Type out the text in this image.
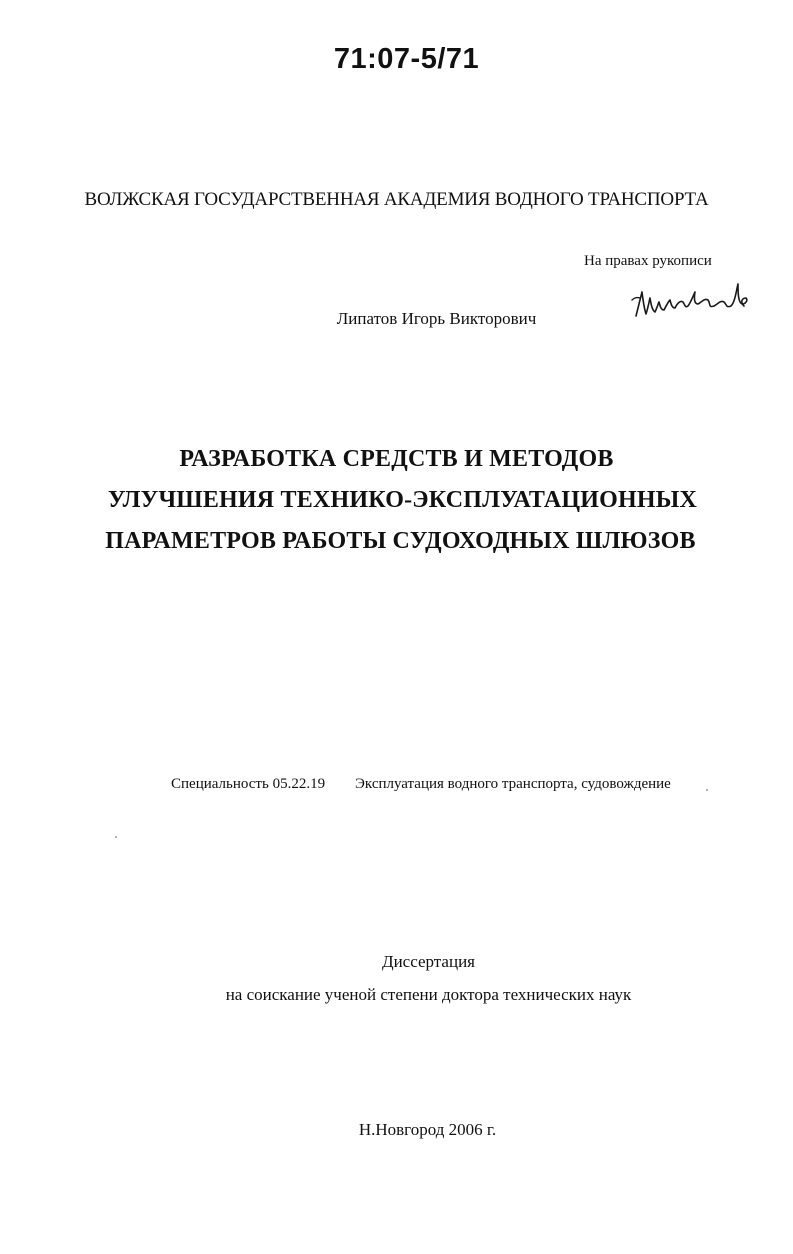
71:07-5/71
ВОЛЖСКАЯ ГОСУДАРСТВЕННАЯ АКАДЕМИЯ ВОДНОГО ТРАНСПОРТА
На правах рукописи
Липатов Игорь Викторович
РАЗРАБОТКА СРЕДСТВ И МЕТОДОВ
УЛУЧШЕНИЯ ТЕХНИКО-ЭКСПЛУАТАЦИОННЫХ
ПАРАМЕТРОВ РАБОТЫ СУДОХОДНЫХ ШЛЮЗОВ
Специальность 05.22.19 Эксплуатация водного транспорта, судовождение
Диссертация
на соискание ученой степени доктора технических наук
Н.Новгород 2006 г.
